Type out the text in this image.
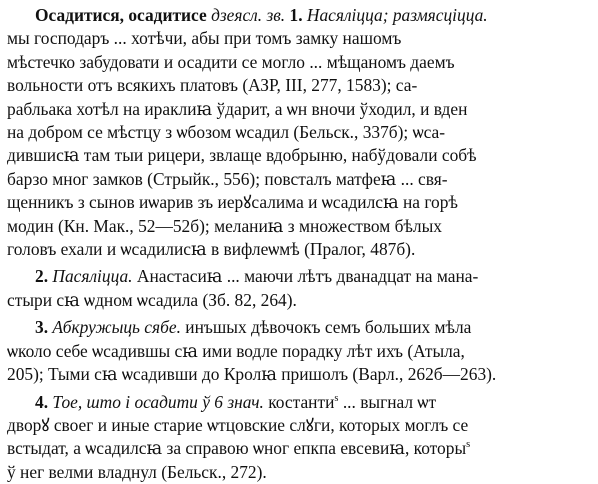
Осадитися, осадитисе дзеясл. зв. 1. Насяліцца; размясціцца.
мы господаръ ... хотѣчи, абы при томъ замку нашомъ
мѣстечко забудовати и осадити се могло ... мѣщаномъ даемъ
вольности отъ всякихъ платовъ (АЗР, III, 277, 1583); са-
рабльака хотѣл на ираклиꙗ ўдарит, а ѡн вночи ўходил, и вден
на добром се мѣстцу з ѡбозом ѡсадил (Бельск., 337б); ѡса-
дившисꙗ там тыи рицери, звлаще вдобрыню, набўдовали собѣ
барзо мног замков (Стрыйк., 556); повсталъ матфеꙗ ... свя-
щенникъ з сынов иѡарив зъ иерꙋсалима и ѡсадилсꙗ на горѣ
модин (Кн. Мак., 52—52б); меланиꙗ з множеством бѣлых
головъ ехали и ѡсадилисꙗ в вифлеѡмѣ (Пралог, 487б).
2. Пасяліцца. Анастасиꙗ ... маючи лѣтъ дванадцат на мана-
стыри сꙗ ѡдном ѡсадила (Зб. 82, 264).
3. Абкружыць сябе. инъшых дѣвочокъ семъ больших мѣла
ѡколо себе ѡсадившы сꙗ ими водле порадку лѣт ихъ (Атыла,
205); Тыми сꙗ ѡсадивши до Кролꙗ пришолъ (Варл., 262б—263).
4. Тое, што і осадити ў 6 знач. костанти$^s$ ... выгнал ѡт
дворꙋ своег и иные старие ѡтцовские слꙋги, которых моглъ се
встыдат, а ѡсадилсꙗ за справою ѡног епкпа евсевиꙗ, которы$^s$
ў нег велми владнул (Бельск., 272).
